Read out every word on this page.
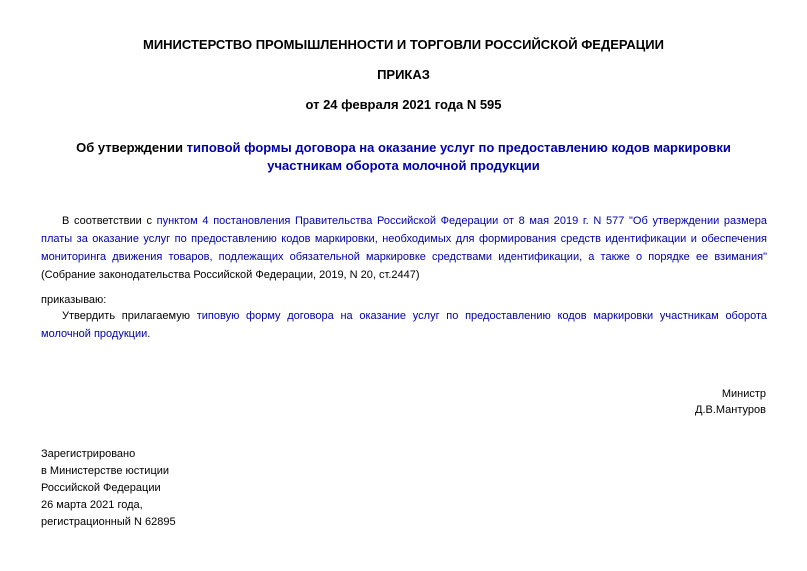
МИНИСТЕРСТВО ПРОМЫШЛЕННОСТИ И ТОРГОВЛИ РОССИЙСКОЙ ФЕДЕРАЦИИ
ПРИКАЗ
от 24 февраля 2021 года N 595
Об утверждении типовой формы договора на оказание услуг по предоставлению кодов маркировки участникам оборота молочной продукции
В соответствии с пунктом 4 постановления Правительства Российской Федерации от 8 мая 2019 г. N 577 "Об утверждении размера платы за оказание услуг по предоставлению кодов маркировки, необходимых для формирования средств идентификации и обеспечения мониторинга движения товаров, подлежащих обязательной маркировке средствами идентификации, а также о порядке ее взимания" (Собрание законодательства Российской Федерации, 2019, N 20, ст.2447)
приказываю:
Утвердить прилагаемую типовую форму договора на оказание услуг по предоставлению кодов маркировки участникам оборота молочной продукции.
Министр
Д.В.Мантуров
Зарегистрировано
в Министерстве юстиции
Российской Федерации
26 марта 2021 года,
регистрационный N 62895
